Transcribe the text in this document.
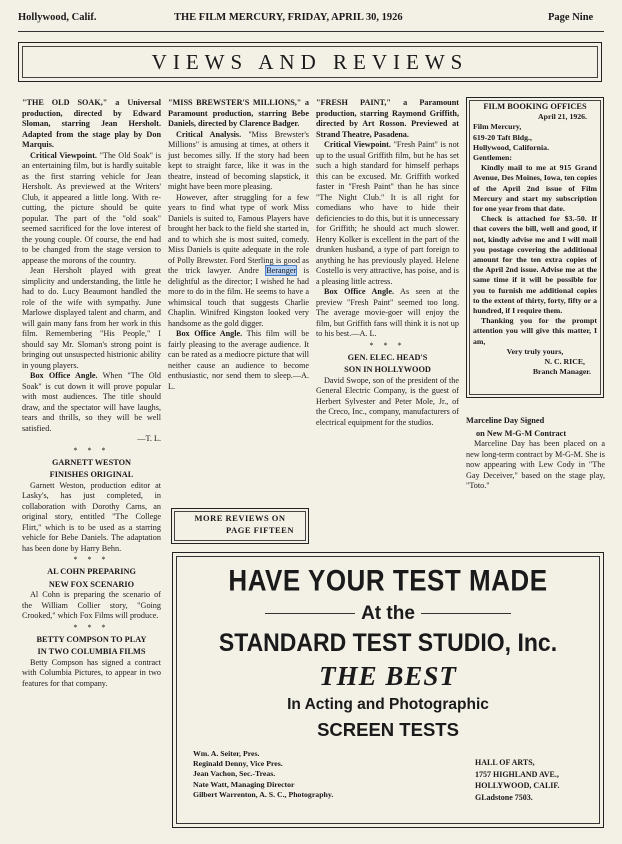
Hollywood, Calif.	THE FILM MERCURY, FRIDAY, APRIL 30, 1926	Page Nine
VIEWS AND REVIEWS

"THE OLD SOAK," a Universal production, directed by Edward Sloman, starring Jean Hersholt. Adapted from the stage play by Don Marquis.

Critical Viewpoint. "The Old Soak" is an entertaining film, but is hardly suitable as the first starring vehicle for Jean Hersholt. As previewed at the Writers' Club, it appeared a little long. With re-cutting, the picture should be quite popular. The part of the "old soak" seemed sacrificed for the love interest of the young couple. Of course, the end had to be changed from the stage version to appease the morons of the country.

Jean Hersholt played with great simplicity and understanding, the little he had to do. Lucy Beaumont handled the role of the wife with sympathy. June Marlowe displayed talent and charm, and will gain many fans from her work in this film. Remembering "His People," I should say Mr. Sloman's strong point is bringing out unsuspected histrionic ability in young players.

Box Office Angle. When "The Old Soak" is cut down it will prove popular with most audiences. The title should draw, and the spectator will have laughs, tears and thrills, so they will be well satisfied.

—T. L.

* * *
GARNETT WESTON
FINISHES ORIGINAL

Garnett Weston, production editor at Lasky's, has just completed, in collaboration with Dorothy Carns, an original story, entitled "The College Flirt," which is to be used as a starring vehicle for Bebe Daniels. The adaptation has been done by Harry Behn.

* * *
AL COHN PREPARING
NEW FOX SCENARIO

Al Cohn is preparing the scenario of the William Collier story, "Going Crooked," which Fox Films will produce.

* * *
BETTY COMPSON TO PLAY
IN TWO COLUMBIA FILMS

Betty Compson has signed a contract with Columbia Pictures, to appear in two features for that company.

"MISS BREWSTER'S MILLIONS," a Paramount production, starring Bebe Daniels, directed by Clarence Badger.

Critical Analysis. "Miss Brewster's Millions" is amusing at times, at others it just becomes silly. If the story had been kept to straight farce, like it was in the theatre, instead of becoming slapstick, it might have been more pleasing.

However, after struggling for a few years to find what type of work Miss Daniels is suited to, Famous Players have brought her back to the field she started in, and to which she is most suited, comedy. Miss Daniels is quite adequate in the role of Polly Brewster. Ford Sterling is good as the trick lawyer. Andre Beranger is delightful as the director; I wished he had more to do in the film. He seems to have a whimsical touch that suggests Charlie Chaplin. Winifred Kingston looked very handsome as the gold digger.

Box Office Angle. This film will be fairly pleasing to the average audience. It can be rated as a mediocre picture that will neither cause an audience to become enthusiastic, nor send them to sleep.—A. L.

MORE REVIEWS ON
PAGE FIFTEEN

"FRESH PAINT," a Paramount production, starring Raymond Griffith, directed by Art Rosson. Previewed at Strand Theatre, Pasadena.

Critical Viewpoint. "Fresh Paint" is not up to the usual Griffith film, but he has set such a high standard for himself perhaps this can be excused. Mr. Griffith worked faster in "Fresh Paint" than he has since "The Night Club." It is all right for comedians who have to hide their deficiencies to do this, but it is unnecessary for Griffith; he should act much slower. Henry Kolker is excellent in the part of the drunken husband, a type of part foreign to anything he has previously played. Helene Costello is very attractive, has poise, and is a pleasing little actress.

Box Office Angle. As seen at the preview "Fresh Paint" seemed too long. The average movie-goer will enjoy the film, but Griffith fans will think it is not up to his best.—A. L.

* * *
GEN. ELEC. HEAD'S
SON IN HOLLYWOOD

David Swope, son of the president of the General Electric Company, is the guest of Herbert Sylvester and Peter Mole, Jr., of the Creco, Inc., company, manufacturers of electrical equipment for the studios.

FILM BOOKING OFFICES
April 21, 1926.
Film Mercury,
619-20 Taft Bldg.,
Hollywood, California.
Gentlemen:

Kindly mail to me at 915 Grand Avenue, Des Moines, Iowa, ten copies of the April 2nd issue of Film Mercury and start my subscription for one year from that date.

Check is attached for $3.-50. If that covers the bill, well and good, if not, kindly advise me and I will mail you postage covering the additional amount for the ten extra copies of the April 2nd issue. Advise me at the same time if it will be possible for you to furnish me additional copies to the extent of thirty, forty, fifty or a hundred, if I require them.

Thanking you for the prompt attention you will give this matter, I am,

Very truly yours,
N. C. RICE,
Branch Manager.
Marceline Day Signed
on New M-G-M Contract

Marceline Day has been placed on a new long-term contract by M-G-M. She is now appearing with Lew Cody in "The Gay Deceiver," based on the stage play, "Toto."

HAVE YOUR TEST MADE
At the
STANDARD TEST STUDIO, Inc.
THE BEST
In Acting and Photographic
SCREEN TESTS
Wm. A. Seiter, Pres.
Reginald Denny, Vice Pres.
Jean Vachon, Sec.-Treas.
Nate Watt, Managing Director
Gilbert Warrenton, A. S. C., Photography.
HALL OF ARTS,
1757 HIGHLAND AVE.,
HOLLYWOOD, CALIF.
GLadstone 7503.
